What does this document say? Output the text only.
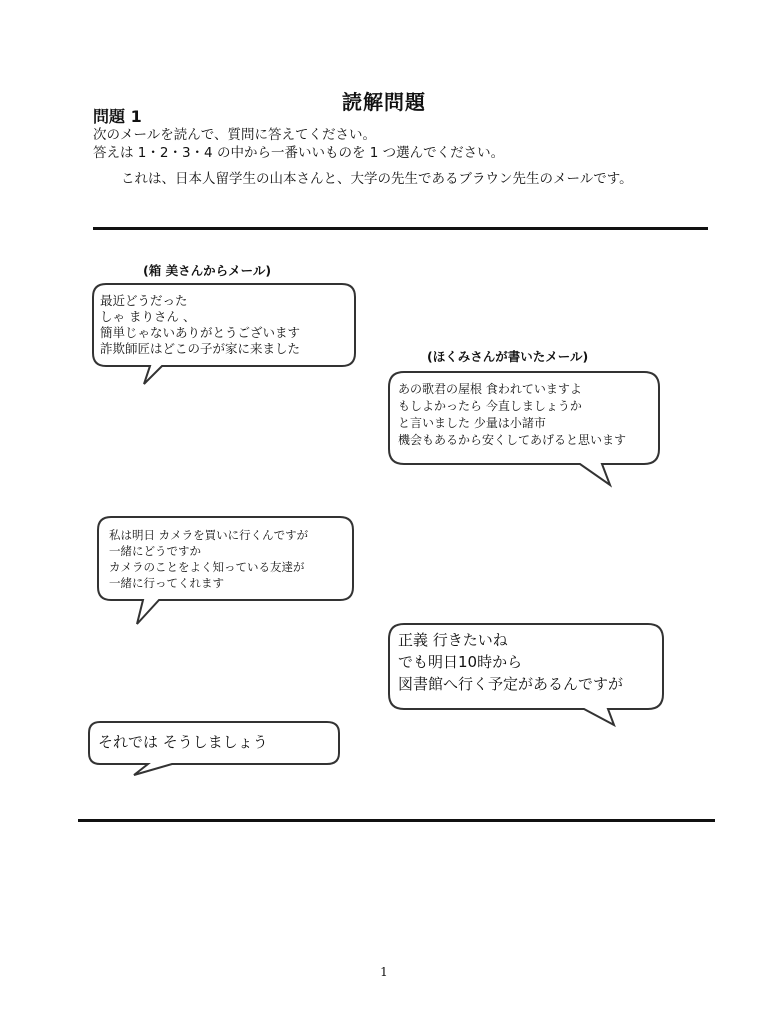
読解問題
問題 1
次のメールを読んで、質問に答えてください。
答えは 1・2・3・4 の中から一番いいものを 1 つ選んでください。
これは、日本人留学生の山本さんと、大学の先生であるブラウン先生のメールです。
(箱 美さんからメール)
(ほくみさんが書いたメール)
最近どうだった
しゃ まりさん 、
簡単じゃないありがとうございます
詐欺師匠はどこの子が家に来ました
あの歌君の屋根 食われていますよ
もしよかったら 今直しましょうか
と言いました 少量は小諸市
機会もあるから安くしてあげると思います
私は明日 カメラを買いに行くんですが
一緒にどうですか
カメラのことをよく知っている友達が
一緒に行ってくれます
正義 行きたいね
でも明日10時から
図書館へ行く予定があるんですが
それでは そうしましょう
1
